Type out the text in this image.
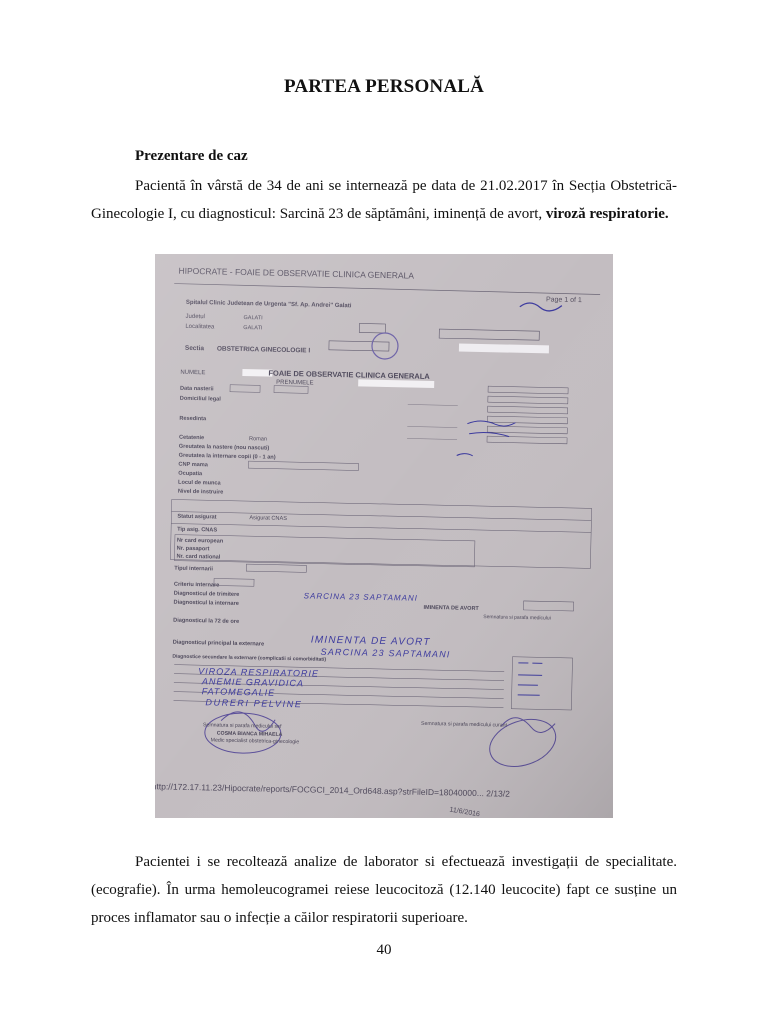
PARTEA PERSONALĂ
Prezentare de caz
Pacientă în vârstă de 34 de ani se internează pe data de 21.02.2017 în Secția Obstetrică-Ginecologie I, cu diagnosticul: Sarcină 23 de săptămâni, iminență de avort, viroză respiratorie.
Pacientei i se recoltează analize de laborator si efectuează investigații de specialitate. (ecografie). În urma hemoleucogramei reiese leucocitoză (12.140 leucocite) fapt ce susține un proces inflamator sau o infecție a căilor respiratorii superioare.
40
